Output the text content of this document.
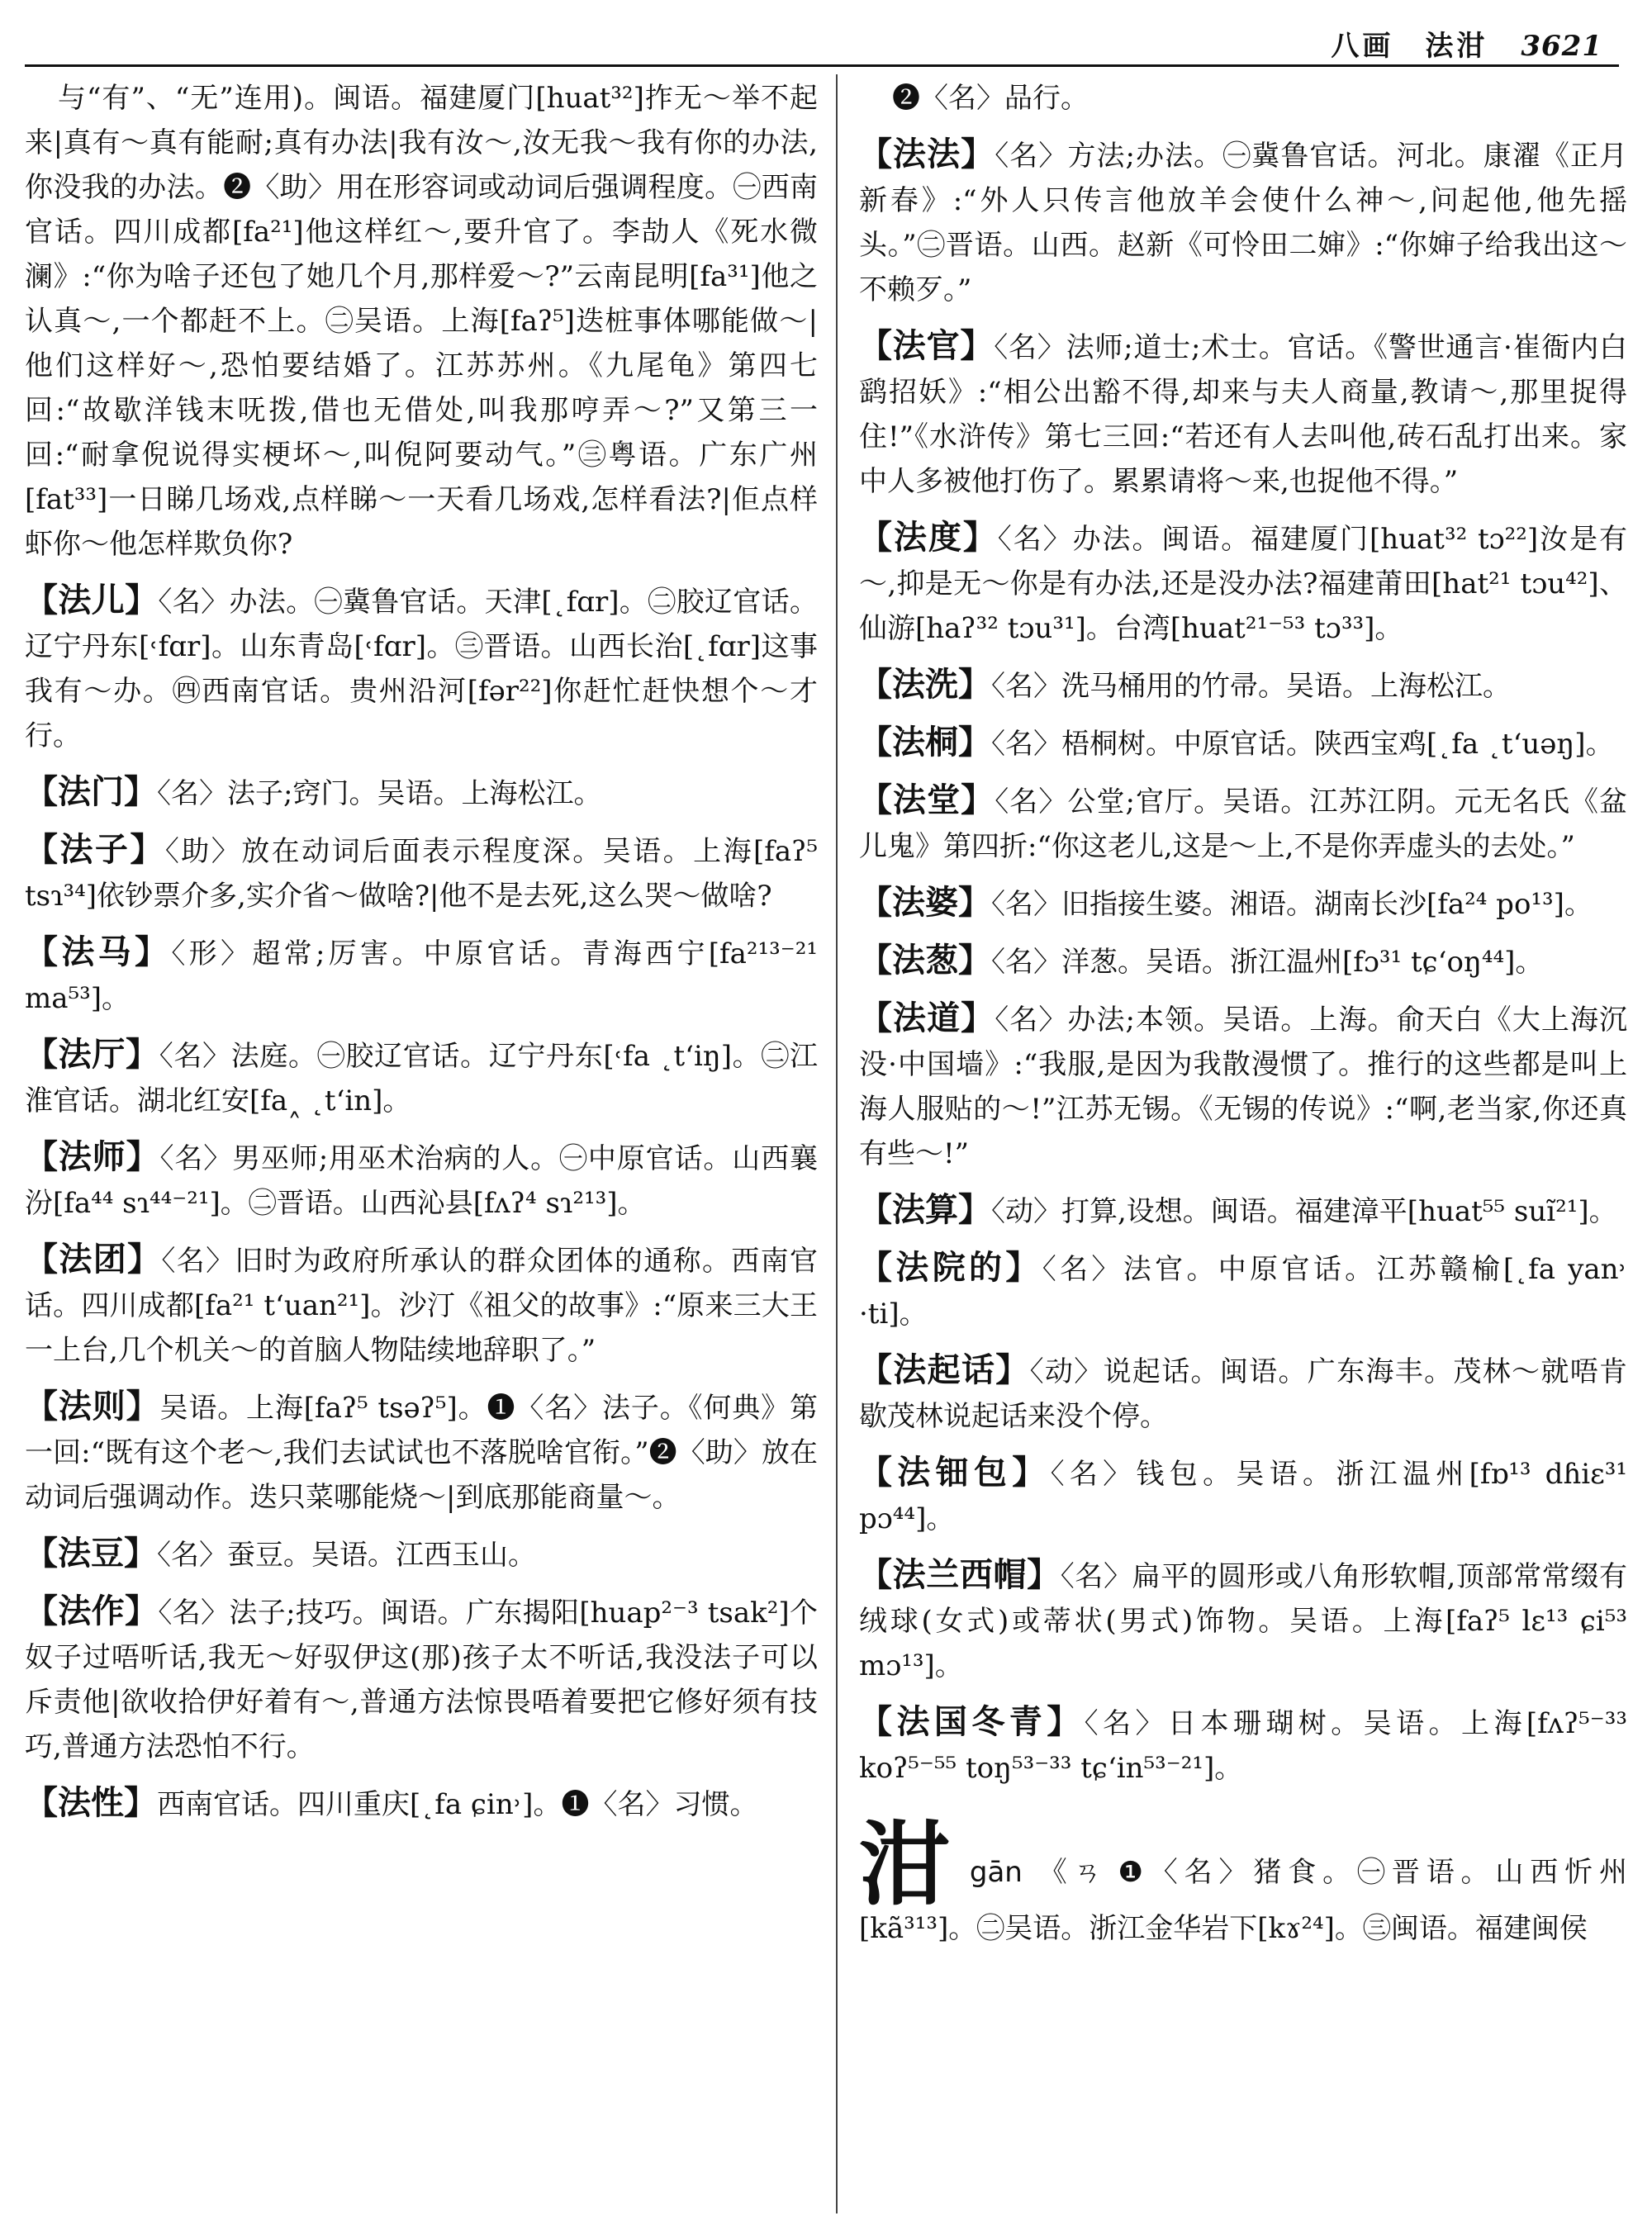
八画　法泔 3621

与“有”、“无”连用)。闽语。福建厦门[huat³²]拃无～举不起来|真有～真有能耐;真有办法|我有汝～,汝无我～我有你的办法,你没我的办法。❷〈助〉用在形容词或动词后强调程度。㊀西南官话。四川成都[fa²¹]他这样红～,要升官了。李劼人《死水微澜》:“你为啥子还包了她几个月,那样爱～?”云南昆明[fa³¹]他之认真～,一个都赶不上。㊁吴语。上海[faʔ⁵]迭桩事体哪能做～|他们这样好～,恐怕要结婚了。江苏苏州。《九尾龟》第四七回:“故歇洋钱末呒拨,借也无借处,叫我那哼弄～?”又第三一回:“耐拿倪说得实梗坏～,叫倪阿要动气。”㊂粤语。广东广州[fat³³]一日睇几场戏,点样睇～一天看几场戏,怎样看法?|佢点样虾你～他怎样欺负你?

【法儿】〈名〉办法。㊀冀鲁官话。天津[˛fɑr]。㊁胶辽官话。辽宁丹东[˓fɑr]。山东青岛[˓fɑr]。㊂晋语。山西长治[˛fɑr]这事我有～办。㊃西南官话。贵州沿河[fər²²]你赶忙赶快想个～才行。

【法门】〈名〉法子;窍门。吴语。上海松江。

【法子】〈助〉放在动词后面表示程度深。吴语。上海[faʔ⁵ tsɿ³⁴]依钞票介多,实介省～做啥?|他不是去死,这么哭～做啥?

【法马】〈形〉超常;厉害。中原官话。青海西宁[fa²¹³⁻²¹ ma⁵³]。

【法厅】〈名〉法庭。㊀胶辽官话。辽宁丹东[˓fa ˛t‘iŋ]。㊁江淮官话。湖北红安[fa˰ ˛t‘in]。

【法师】〈名〉男巫师;用巫术治病的人。㊀中原官话。山西襄汾[fa⁴⁴ sɿ⁴⁴⁻²¹]。㊁晋语。山西沁县[fʌʔ⁴ sɿ²¹³]。

【法团】〈名〉旧时为政府所承认的群众团体的通称。西南官话。四川成都[fa²¹ t‘uan²¹]。沙汀《祖父的故事》:“原来三大王一上台,几个机关～的首脑人物陆续地辞职了。”

【法则】吴语。上海[faʔ⁵ tsəʔ⁵]。❶〈名〉法子。《何典》第一回:“既有这个老～,我们去试试也不落脱啥官衔。”❷〈助〉放在动词后强调动作。迭只菜哪能烧～|到底那能商量～。

【法豆】〈名〉蚕豆。吴语。江西玉山。

【法作】〈名〉法子;技巧。闽语。广东揭阳[huap²⁻³ tsak²]个奴子过唔听话,我无～好驭伊这(那)孩子太不听话,我没法子可以斥责他|欲收拾伊好着有～,普通方法惊畏唔着要把它修好须有技巧,普通方法恐怕不行。

【法性】西南官话。四川重庆[˛fa ɕin˒]。❶〈名〉习惯。

❷〈名〉品行。

【法法】〈名〉方法;办法。㊀冀鲁官话。河北。康濯《正月新春》:“外人只传言他放羊会使什么神～,问起他,他先摇头。”㊁晋语。山西。赵新《可怜田二婶》:“你婶子给我出这～不赖歹。”

【法官】〈名〉法师;道士;术士。官话。《警世通言·崔衙内白鹞招妖》:“相公出豁不得,却来与夫人商量,教请～,那里捉得住!”《水浒传》第七三回:“若还有人去叫他,砖石乱打出来。家中人多被他打伤了。累累请将～来,也捉他不得。”

【法度】〈名〉办法。闽语。福建厦门[huat³² tɔ²²]汝是有～,抑是无～你是有办法,还是没办法?福建莆田[hat²¹ tɔu⁴²]、仙游[haʔ³² tɔu³¹]。台湾[huat²¹⁻⁵³ tɔ³³]。

【法洗】〈名〉洗马桶用的竹帚。吴语。上海松江。

【法桐】〈名〉梧桐树。中原官话。陕西宝鸡[˛fa ˛t‘uəŋ]。

【法堂】〈名〉公堂;官厅。吴语。江苏江阴。元无名氏《盆儿鬼》第四折:“你这老儿,这是～上,不是你弄虚头的去处。”

【法婆】〈名〉旧指接生婆。湘语。湖南长沙[fa²⁴ po¹³]。

【法葱】〈名〉洋葱。吴语。浙江温州[fɔ³¹ tɕ‘oŋ⁴⁴]。

【法道】〈名〉办法;本领。吴语。上海。俞天白《大上海沉没·中国墙》:“我服,是因为我散漫惯了。推行的这些都是叫上海人服贴的～!”江苏无锡。《无锡的传说》:“啊,老当家,你还真有些～!”

【法算】〈动〉打算,设想。闽语。福建漳平[huat⁵⁵ suĩ²¹]。

【法院的】〈名〉法官。中原官话。江苏赣榆[˛fa yan˒ ·ti]。

【法起话】〈动〉说起话。闽语。广东海丰。茂林～就唔肯歇茂林说起话来没个停。

【法钿包】〈名〉钱包。吴语。浙江温州[fɒ¹³ dɦiɛ³¹ pɔ⁴⁴]。

【法兰西帽】〈名〉扁平的圆形或八角形软帽,顶部常常缀有绒球(女式)或蒂状(男式)饰物。吴语。上海[faʔ⁵ lɛ¹³ ɕi⁵³ mɔ¹³]。

【法国冬青】〈名〉日本珊瑚树。吴语。上海[fʌʔ⁵⁻³³ koʔ⁵⁻⁵⁵ toŋ⁵³⁻³³ tɕ‘in⁵³⁻²¹]。

泔gān 《ㄢ ❶〈名〉猪食。㊀晋语。山西忻州[kã³¹³]。㊁吴语。浙江金华岩下[kɤ²⁴]。㊂闽语。福建闽侯
